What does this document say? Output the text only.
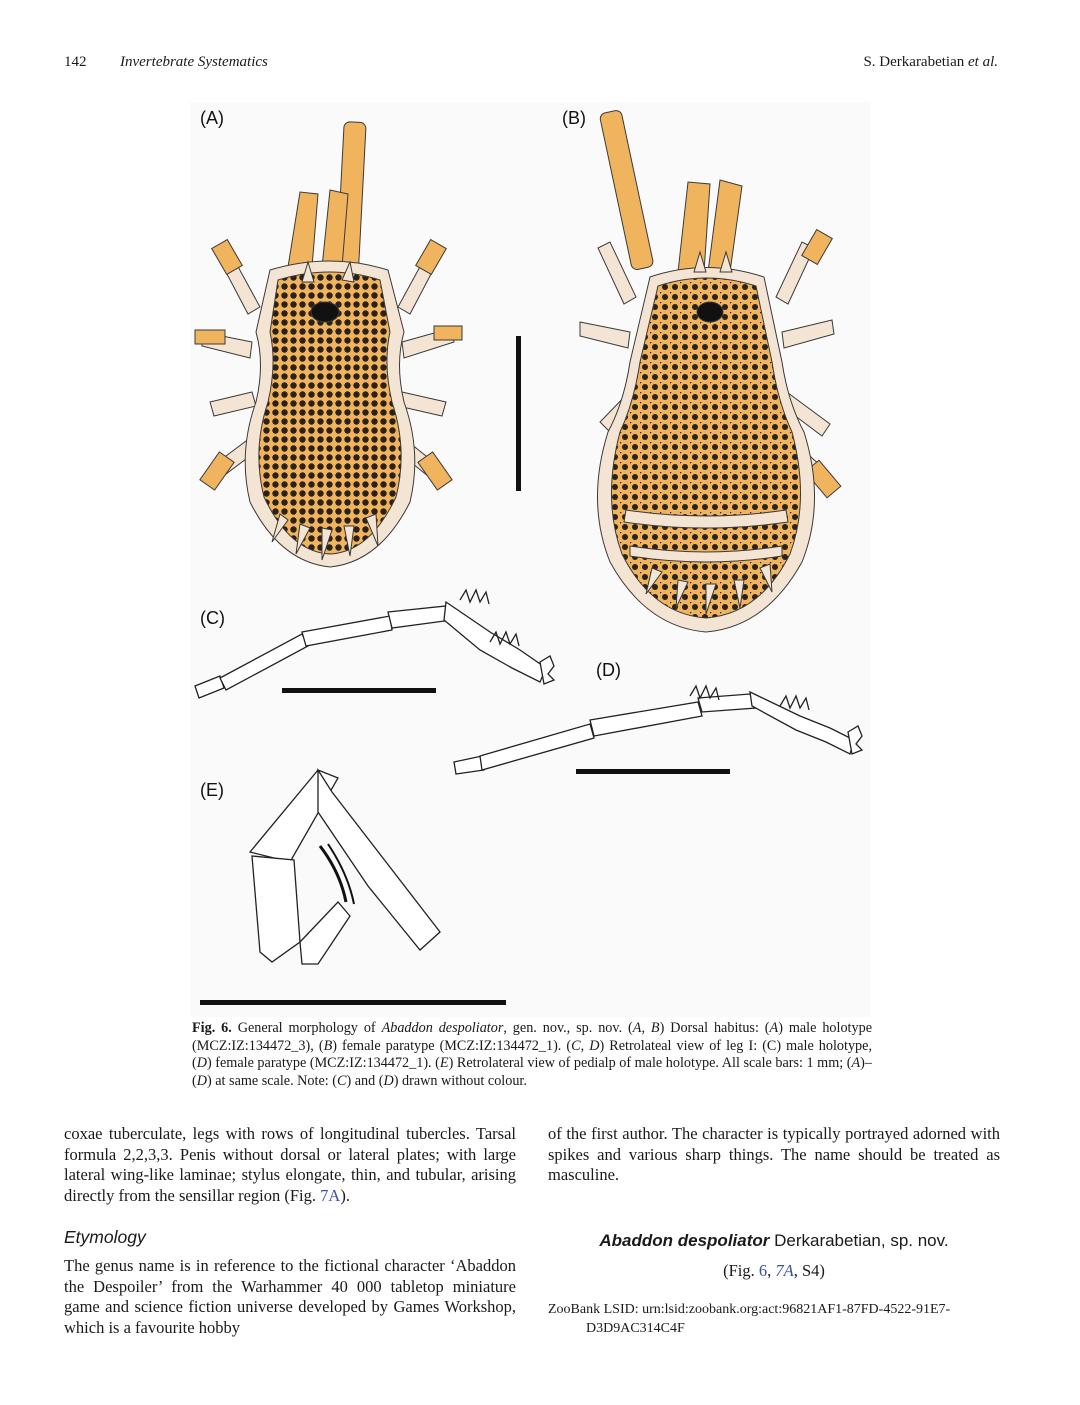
142 Invertebrate Systematics	S. Derkarabetian et al.
(A)	(B)
(C)
(D)
(E)

Fig. 6. General morphology of Abaddon despoliator, gen. nov., sp. nov. (A, B) Dorsal habitus: (A) male holotype (MCZ:IZ:134472_3), (B) female paratype (MCZ:IZ:134472_1). (C, D) Retrolateal view of leg I: (C) male holotype, (D) female paratype (MCZ:IZ:134472_1). (E) Retrolateral view of pedialp of male holotype. All scale bars: 1 mm; (A)–(D) at same scale. Note: (C) and (D) drawn without colour.

coxae tuberculate, legs with rows of longitudinal tubercles. Tarsal formula 2,2,3,3. Penis without dorsal or lateral plates; with large lateral wing-like laminae; stylus elongate, thin, and tubular, arising directly from the sensillar region (Fig. 7A).

Etymology

The genus name is in reference to the fictional character ‘Abaddon the Despoiler’ from the Warhammer 40 000 tabletop miniature game and science fiction universe developed by Games Workshop, which is a favourite hobby

of the first author. The character is typically portrayed adorned with spikes and various sharp things. The name should be treated as masculine.

Abaddon despoliator Derkarabetian, sp. nov.
(Fig. 6, 7A, S4)
ZooBank LSID: urn:lsid:zoobank.org:act:96821AF1-87FD-4522-91E7-
D3D9AC314C4F
